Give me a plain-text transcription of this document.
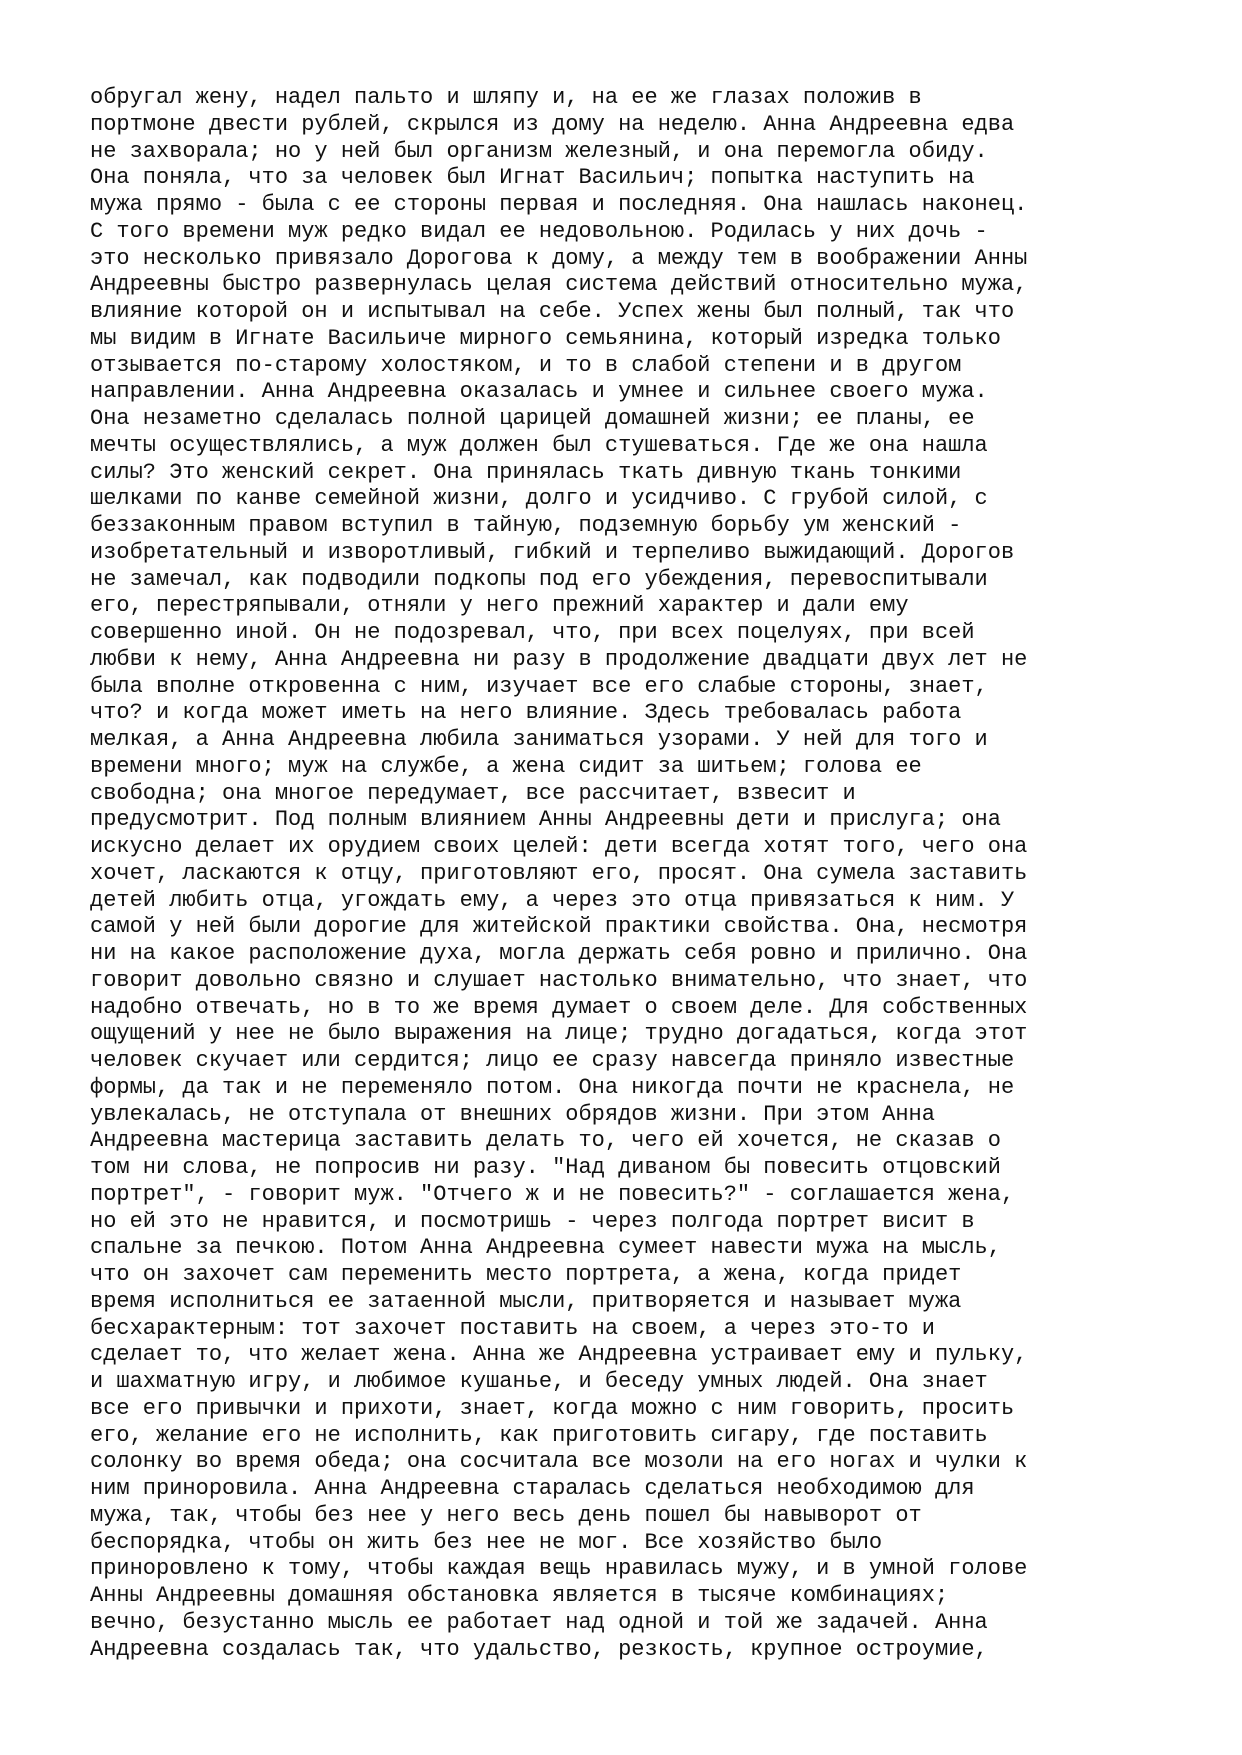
обругал жену, надел пальто и шляпу и, на ее же глазах положив в
портмоне двести рублей, скрылся из дому на неделю. Анна Андреевна едва
не захворала; но у ней был организм железный, и она перемогла обиду.
Она поняла, что за человек был Игнат Васильич; попытка наступить на
мужа прямо - была с ее стороны первая и последняя. Она нашлась наконец.
С того времени муж редко видал ее недовольною. Родилась у них дочь -
это несколько привязало Дорогова к дому, а между тем в воображении Анны
Андреевны быстро развернулась целая система действий относительно мужа,
влияние которой он и испытывал на себе. Успех жены был полный, так что
мы видим в Игнате Васильиче мирного семьянина, который изредка только
отзывается по-старому холостяком, и то в слабой степени и в другом
направлении. Анна Андреевна оказалась и умнее и сильнее своего мужа.
Она незаметно сделалась полной царицей домашней жизни; ее планы, ее
мечты осуществлялись, а муж должен был стушеваться. Где же она нашла
силы? Это женский секрет. Она принялась ткать дивную ткань тонкими
шелками по канве семейной жизни, долго и усидчиво. С грубой силой, с
беззаконным правом вступил в тайную, подземную борьбу ум женский -
изобретательный и изворотливый, гибкий и терпеливо выжидающий. Дорогов
не замечал, как подводили подкопы под его убеждения, перевоспитывали
его, перестряпывали, отняли у него прежний характер и дали ему
совершенно иной. Он не подозревал, что, при всех поцелуях, при всей
любви к нему, Анна Андреевна ни разу в продолжение двадцати двух лет не
была вполне откровенна с ним, изучает все его слабые стороны, знает,
что? и когда может иметь на него влияние. Здесь требовалась работа
мелкая, а Анна Андреевна любила заниматься узорами. У ней для того и
времени много; муж на службе, а жена сидит за шитьем; голова ее
свободна; она многое передумает, все рассчитает, взвесит и
предусмотрит. Под полным влиянием Анны Андреевны дети и прислуга; она
искусно делает их орудием своих целей: дети всегда хотят того, чего она
хочет, ласкаются к отцу, приготовляют его, просят. Она сумела заставить
детей любить отца, угождать ему, а через это отца привязаться к ним. У
самой у ней были дорогие для житейской практики свойства. Она, несмотря
ни на какое расположение духа, могла держать себя ровно и прилично. Она
говорит довольно связно и слушает настолько внимательно, что знает, что
надобно отвечать, но в то же время думает о своем деле. Для собственных
ощущений у нее не было выражения на лице; трудно догадаться, когда этот
человек скучает или сердится; лицо ее сразу навсегда приняло известные
формы, да так и не переменяло потом. Она никогда почти не краснела, не
увлекалась, не отступала от внешних обрядов жизни. При этом Анна
Андреевна мастерица заставить делать то, чего ей хочется, не сказав о
том ни слова, не попросив ни разу. "Над диваном бы повесить отцовский
портрет", - говорит муж. "Отчего ж и не повесить?" - соглашается жена,
но ей это не нравится, и посмотришь - через полгода портрет висит в
спальне за печкою. Потом Анна Андреевна сумеет навести мужа на мысль,
что он захочет сам переменить место портрета, а жена, когда придет
время исполниться ее затаенной мысли, притворяется и называет мужа
бесхарактерным: тот захочет поставить на своем, а через это-то и
сделает то, что желает жена. Анна же Андреевна устраивает ему и пульку,
и шахматную игру, и любимое кушанье, и беседу умных людей. Она знает
все его привычки и прихоти, знает, когда можно с ним говорить, просить
его, желание его не исполнить, как приготовить сигару, где поставить
солонку во время обеда; она сосчитала все мозоли на его ногах и чулки к
ним приноровила. Анна Андреевна старалась сделаться необходимою для
мужа, так, чтобы без нее у него весь день пошел бы навыворот от
беспорядка, чтобы он жить без нее не мог. Все хозяйство было
приноровлено к тому, чтобы каждая вещь нравилась мужу, и в умной голове
Анны Андреевны домашняя обстановка является в тысяче комбинациях;
вечно, безустанно мысль ее работает над одной и той же задачей. Анна
Андреевна создалась так, что удальство, резкость, крупное остроумие,
